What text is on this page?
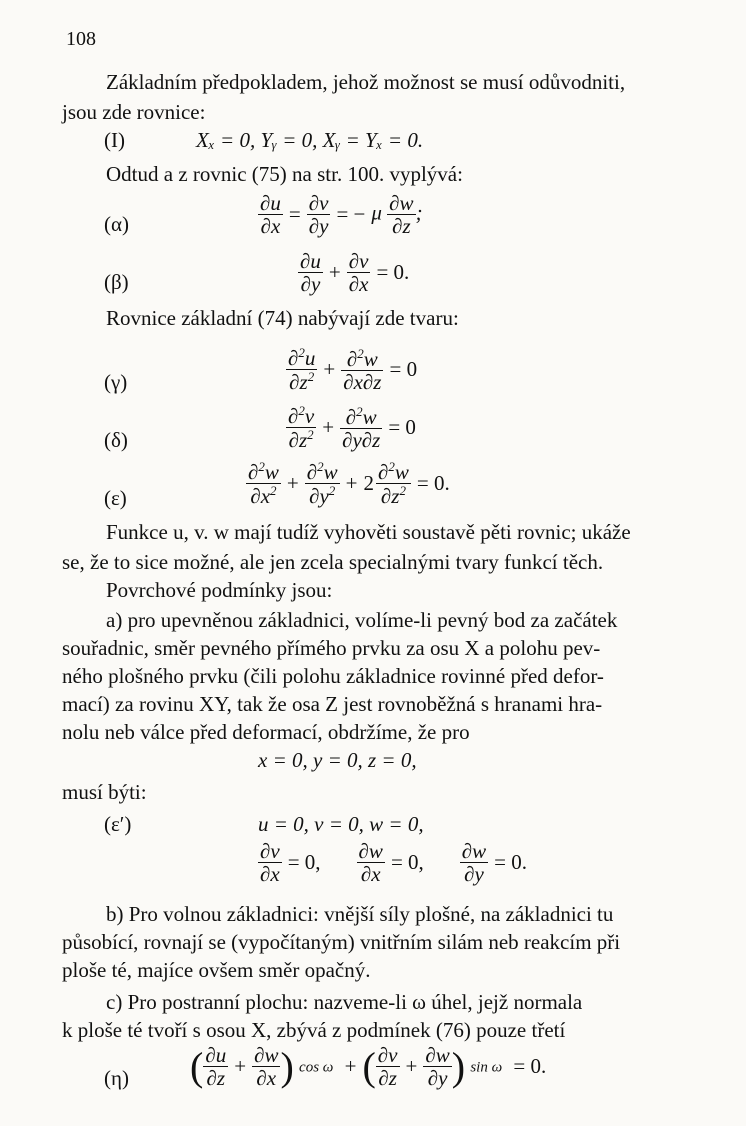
108
Základním předpokladem, jehož možnost se musí odůvodniti,
jsou zde rovnice:
(I)	Xₓ = 0, Yᵧ = 0, Xᵧ = Yₓ = 0.
Odtud a z rovnic (75) na str. 100. vyplývá:
(α)	$\frac{\partial u}{\partial x} = \frac{\partial v}{\partial y}$ = − μ $\frac{\partial w}{\partial z}$ ;
(β)	$\frac{\partial u}{\partial y} + \frac{\partial v}{\partial x} = 0$.
Rovnice základní (74) nabývají zde tvaru:
(γ)	$\frac{\partial^2u}{\partial z^2} + \frac{\partial^2w}{\partial x\partial z} = 0$
(δ)	$\frac{\partial^2v}{\partial z^2} + \frac{\partial^2w}{\partial y\partial z} = 0$
(ε)	$\frac{\partial^2w}{\partial x^2} + \frac{\partial^2w}{\partial y^2} + 2 \frac{\partial^2w}{\partial z^2} = 0$.
Funkce u, v. w mají tudíž vyhověti soustavě pěti rovnic; ukáže
se, že to sice možné, ale jen zcela specialnými tvary funkcí těch.
Povrchové podmínky jsou:
a) pro upevněnou základnici, volíme-li pevný bod za začátek
souřadnic, směr pevného přímého prvku za osu X a polohu pev-
ného plošného prvku (čili polohu základnice rovinné před defor-
mací) za rovinu XY, tak že osa Z jest rovnoběžná s hranami hra-
nolu neb válce před deformací, obdržíme, že pro
x = 0, y = 0, z = 0,
musí býti:
(ε′)	u = 0, v = 0, w = 0,
$\frac{\partial v}{\partial x} = 0$, $\frac{\partial w}{\partial x} = 0$, $\frac{\partial w}{\partial y} = 0$.
b) Pro volnou základnici: vnější síly plošné, na základnici tu
působící, rovnají se (vypočítaným) vnitřním silám neb reakcím při
ploše té, majíce ovšem směr opačný.
c) Pro postranní plochu: nazveme-li ω úhel, jejž normala
k ploše té tvoří s osou X, zbývá z podmínek (76) pouze třetí
(η) ( $\frac{\partial u}{\partial z} + \frac{\partial w}{\partial x}$ ) cos ω + ( $\frac{\partial v}{\partial z} + \frac{\partial w}{\partial y}$ ) sin ω = 0.
